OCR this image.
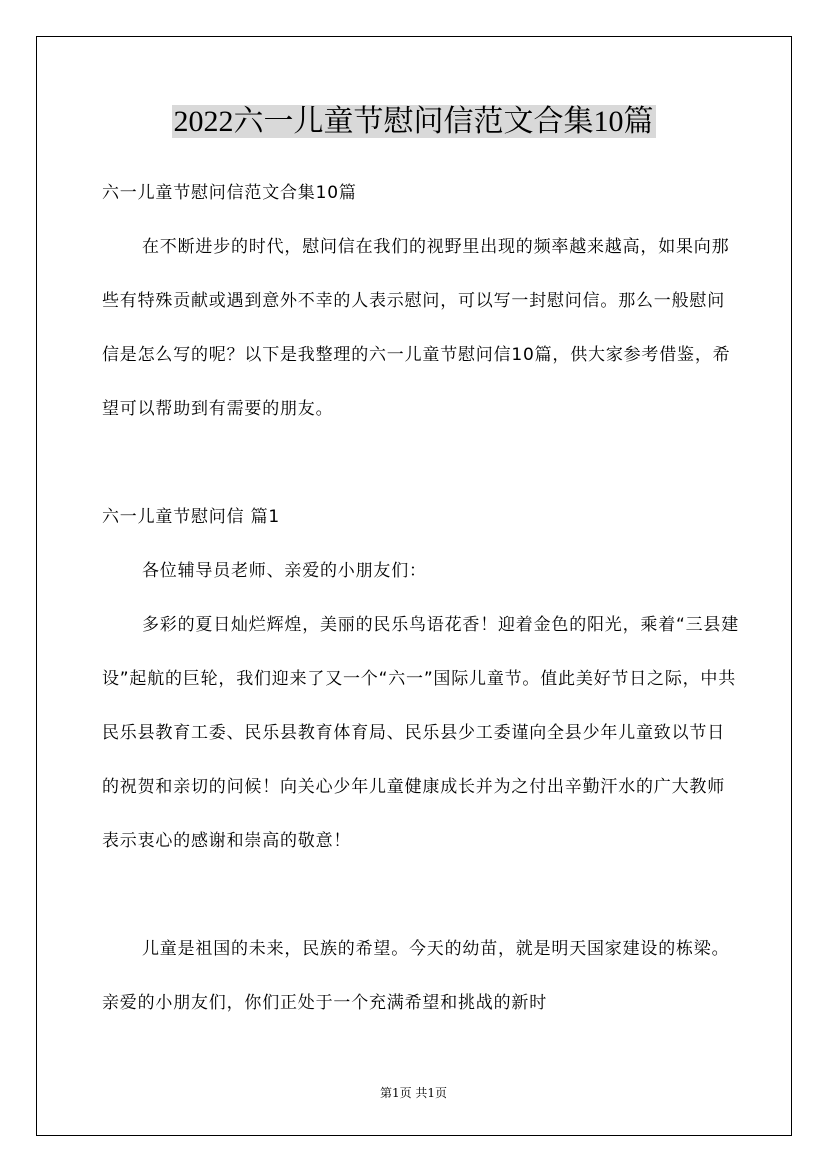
2022六一儿童节慰问信范文合集10篇

六一儿童节慰问信范文合集10篇

在不断进步的时代，慰问信在我们的视野里出现的频率越来越高，如果向那些有特殊贡献或遇到意外不幸的人表示慰问，可以写一封慰问信。那么一般慰问信是怎么写的呢？以下是我整理的六一儿童节慰问信10篇，供大家参考借鉴，希望可以帮助到有需要的朋友。

六一儿童节慰问信 篇1

各位辅导员老师、亲爱的小朋友们：

多彩的夏日灿烂辉煌，美丽的民乐鸟语花香！迎着金色的阳光，乘着“三县建设”起航的巨轮，我们迎来了又一个“六一”国际儿童节。值此美好节日之际，中共民乐县教育工委、民乐县教育体育局、民乐县少工委谨向全县少年儿童致以节日的祝贺和亲切的问候！向关心少年儿童健康成长并为之付出辛勤汗水的广大教师表示衷心的感谢和崇高的敬意！

儿童是祖国的未来，民族的希望。今天的幼苗，就是明天国家建设的栋梁。亲爱的小朋友们，你们正处于一个充满希望和挑战的新时

第1页 共1页
